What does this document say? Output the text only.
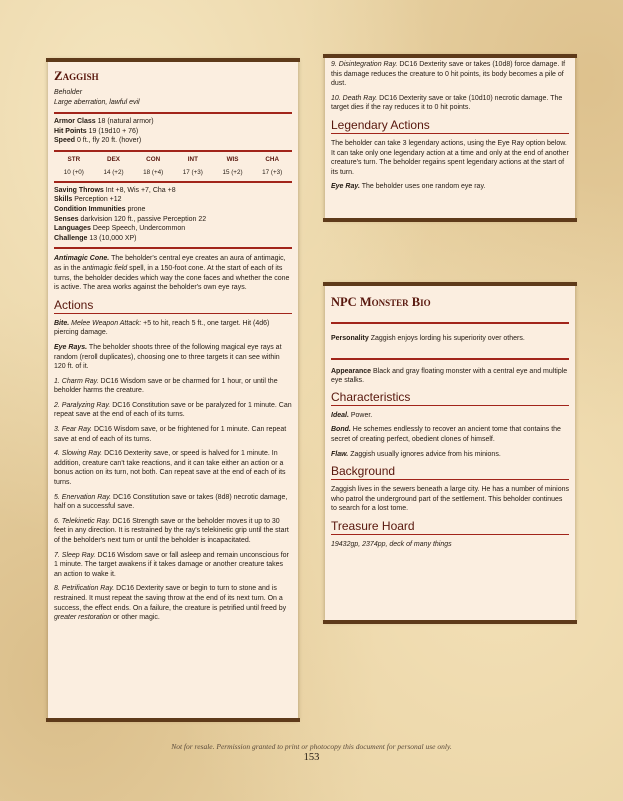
Zaggish
Beholder
Large aberration, lawful evil
Armor Class 18 (natural armor)
Hit Points 19 (19d10 + 76)
Speed 0 ft., fly 20 ft. (hover)
STR
10 (+0)
DEX
14 (+2)
CON
18 (+4)
INT
17 (+3)
WIS
15 (+2)
CHA
17 (+3)
Saving Throws Int +8, Wis +7, Cha +8
Skills Perception +12
Condition Immunities prone
Senses darkvision 120 ft., passive Perception 22
Languages Deep Speech, Undercommon
Challenge 13 (10,000 XP)
Antimagic Cone. The beholder's central eye creates an aura of antimagic, as in the antimagic field spell, in a 150-foot cone. At the start of each of its turns, the beholder decides which way the cone faces and whether the cone is active. The area works against the beholder's own eye rays.
Actions
Bite. Melee Weapon Attack: +5 to hit, reach 5 ft., one target. Hit (4d6) piercing damage.
Eye Rays. The beholder shoots three of the following magical eye rays at random (reroll duplicates), choosing one to three targets it can see within 120 ft. of it.
1. Charm Ray. DC16 Wisdom save or be charmed for 1 hour, or until the beholder harms the creature.
2. Paralyzing Ray. DC16 Constitution save or be paralyzed for 1 minute. Can repeat save at the end of each of its turns.
3. Fear Ray. DC16 Wisdom save, or be frightened for 1 minute. Can repeat save at end of each of its turns.
4. Slowing Ray. DC16 Dexterity save, or speed is halved for 1 minute. In addition, creature can't take reactions, and it can take either an action or a bonus action on its turn, not both. Can repeat save at the end of each of its turns.
5. Enervation Ray. DC16 Constitution save or takes (8d8) necrotic damage, half on a successful save.
6. Telekinetic Ray. DC16 Strength save or the beholder moves it up to 30 feet in any direction. It is restrained by the ray's telekinetic grip until the start of the beholder's next turn or until the beholder is incapacitated.
7. Sleep Ray. DC16 Wisdom save or fall asleep and remain unconscious for 1 minute. The target awakens if it takes damage or another creature takes an action to wake it.
8. Petrification Ray. DC16 Dexterity save or begin to turn to stone and is restrained. It must repeat the saving throw at the end of its next turn. On a success, the effect ends. On a failure, the creature is petrified until freed by greater restoration or other magic.
9. Disintegration Ray. DC16 Dexterity save or takes (10d8) force damage. If this damage reduces the creature to 0 hit points, its body becomes a pile of dust.
10. Death Ray. DC16 Dexterity save or take (10d10) necrotic damage. The target dies if the ray reduces it to 0 hit points.
Legendary Actions
The beholder can take 3 legendary actions, using the Eye Ray option below. It can take only one legendary action at a time and only at the end of another creature's turn. The beholder regains spent legendary actions at the start of its turn.
Eye Ray. The beholder uses one random eye ray.
NPC Monster Bio
Personality Zaggish enjoys lording his superiority over others.
Appearance Black and gray floating monster with a central eye and multiple eye stalks.
Characteristics
Ideal. Power.
Bond. He schemes endlessly to recover an ancient tome that contains the secret of creating perfect, obedient clones of himself.
Flaw. Zaggish usually ignores advice from his minions.
Background
Zaggish lives in the sewers beneath a large city. He has a number of minions who patrol the underground part of the settlement. This beholder continues to search for a lost tome.
Treasure Hoard
19432gp, 2374pp, deck of many things
Not for resale. Permission granted to print or photocopy this document for personal use only.
153
